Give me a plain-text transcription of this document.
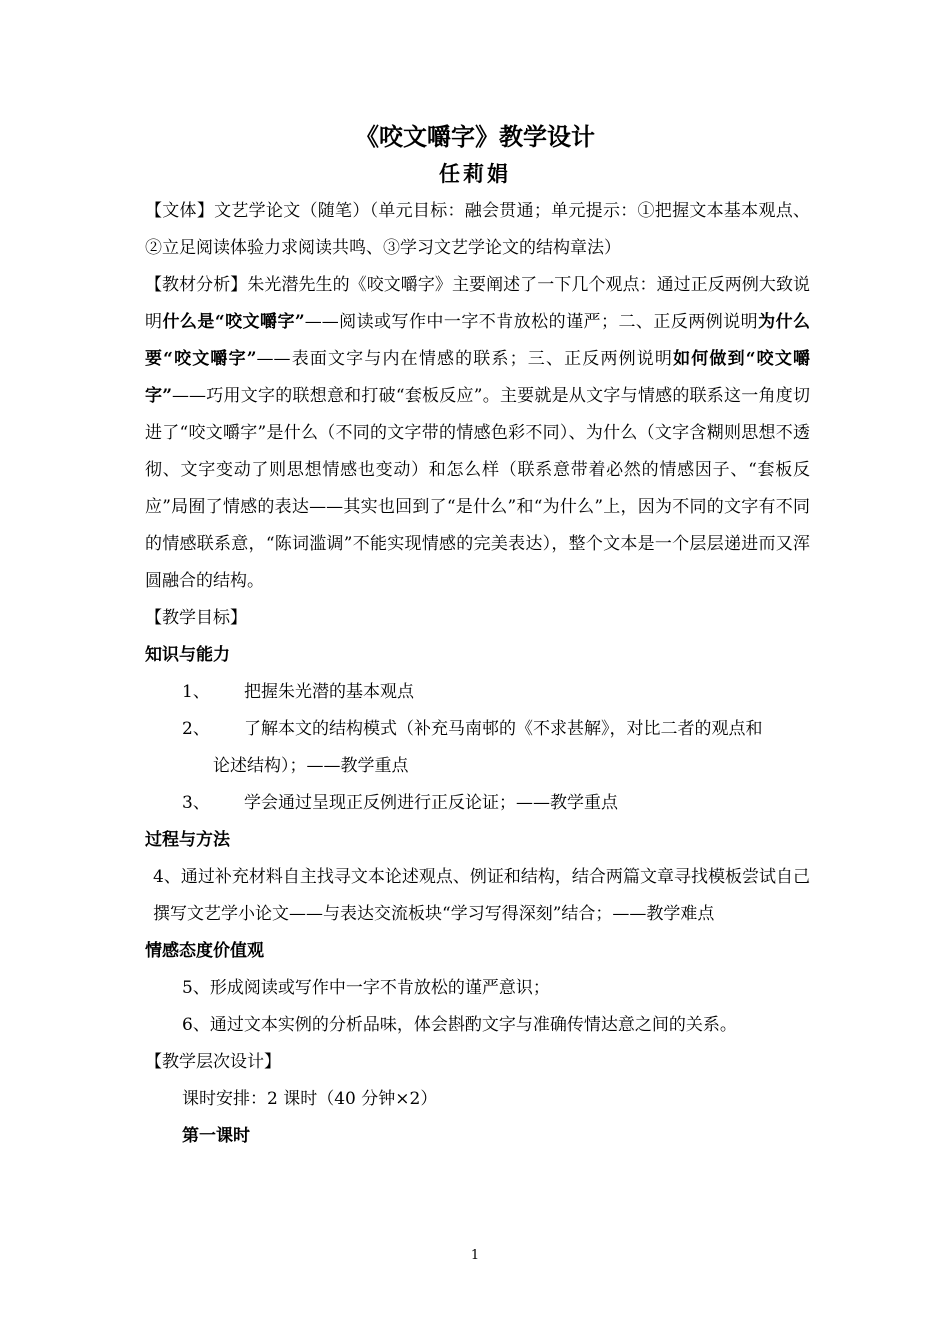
《咬文嚼字》教学设计
任莉娟

【文体】文艺学论文（随笔）（单元目标：融会贯通；单元提示：①把握文本基本观点、②立足阅读体验力求阅读共鸣、③学习文艺学论文的结构章法）

【教材分析】朱光潜先生的《咬文嚼字》主要阐述了一下几个观点：通过正反两例大致说明什么是“咬文嚼字”——阅读或写作中一字不肯放松的谨严；二、正反两例说明为什么要“咬文嚼字”——表面文字与内在情感的联系；三、正反两例说明如何做到“咬文嚼字”——巧用文字的联想意和打破“套板反应”。主要就是从文字与情感的联系这一角度切进了“咬文嚼字”是什么（不同的文字带的情感色彩不同）、为什么（文字含糊则思想不透彻、文字变动了则思想情感也变动）和怎么样（联系意带着必然的情感因子、“套板反应”局囿了情感的表达——其实也回到了“是什么”和“为什么”上，因为不同的文字有不同的情感联系意，“陈词滥调”不能实现情感的完美表达），整个文本是一个层层递进而又浑圆融合的结构。

【教学目标】

知识与能力

1、	把握朱光潜的基本观点
2、	了解本文的结构模式（补充马南邨的《不求甚解》，对比二者的观点和
论述结构）；——教学重点
3、	学会通过呈现正反例进行正反论证；——教学重点

过程与方法

4、通过补充材料自主找寻文本论述观点、例证和结构，结合两篇文章寻找模板尝试自己撰写文艺学小论文——与表达交流板块“学习写得深刻”结合；——教学难点

情感态度价值观

5、形成阅读或写作中一字不肯放松的谨严意识；

6、通过文本实例的分析品味，体会斟酌文字与准确传情达意之间的关系。

【教学层次设计】

课时安排：2 课时（40 分钟×2）

第一课时

1
